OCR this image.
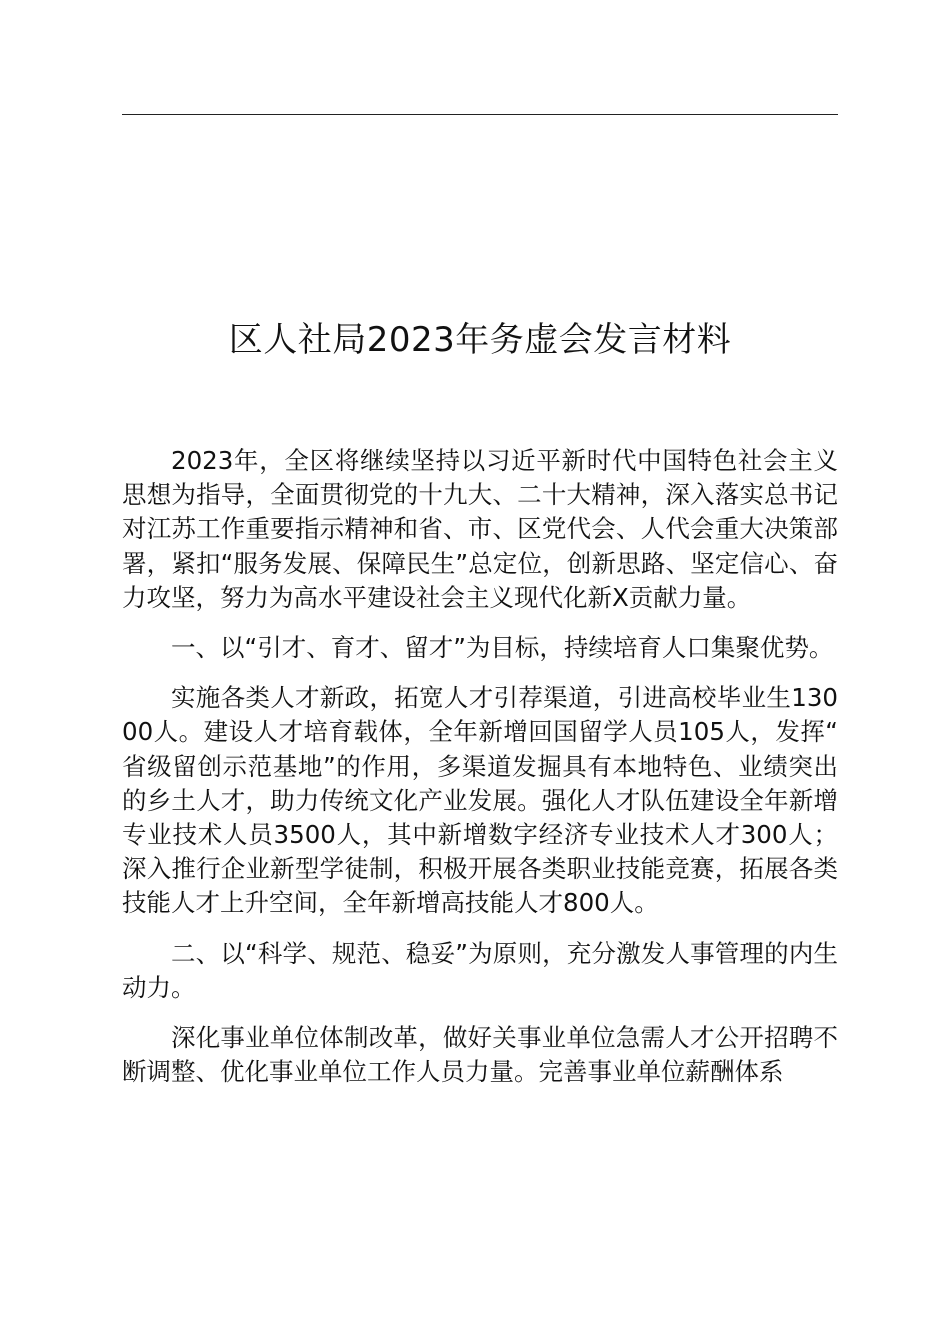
区人社局2023年务虚会发言材料

2023年，全区将继续坚持以习近平新时代中国特色社会主义思想为指导，全面贯彻党的十九大、二十大精神，深入落实总书记对江苏工作重要指示精神和省、市、区党代会、人代会重大决策部署，紧扣“服务发展、保障民生”总定位，创新思路、坚定信心、奋力攻坚，努力为高水平建设社会主义现代化新X贡献力量。

一、以“引才、育才、留才”为目标，持续培育人口集聚优势。

实施各类人才新政，拓宽人才引荐渠道，引进高校毕业生13000人。建设人才培育载体，全年新增回国留学人员105人，发挥“省级留创示范基地”的作用，多渠道发掘具有本地特色、业绩突出的乡土人才，助力传统文化产业发展。强化人才队伍建设全年新增专业技术人员3500人，其中新增数字经济专业技术人才300人；深入推行企业新型学徒制，积极开展各类职业技能竞赛，拓展各类技能人才上升空间，全年新增高技能人才800人。

二、以“科学、规范、稳妥”为原则，充分激发人事管理的内生动力。

深化事业单位体制改革，做好关事业单位急需人才公开招聘不断调整、优化事业单位工作人员力量。完善事业单位薪酬体系
